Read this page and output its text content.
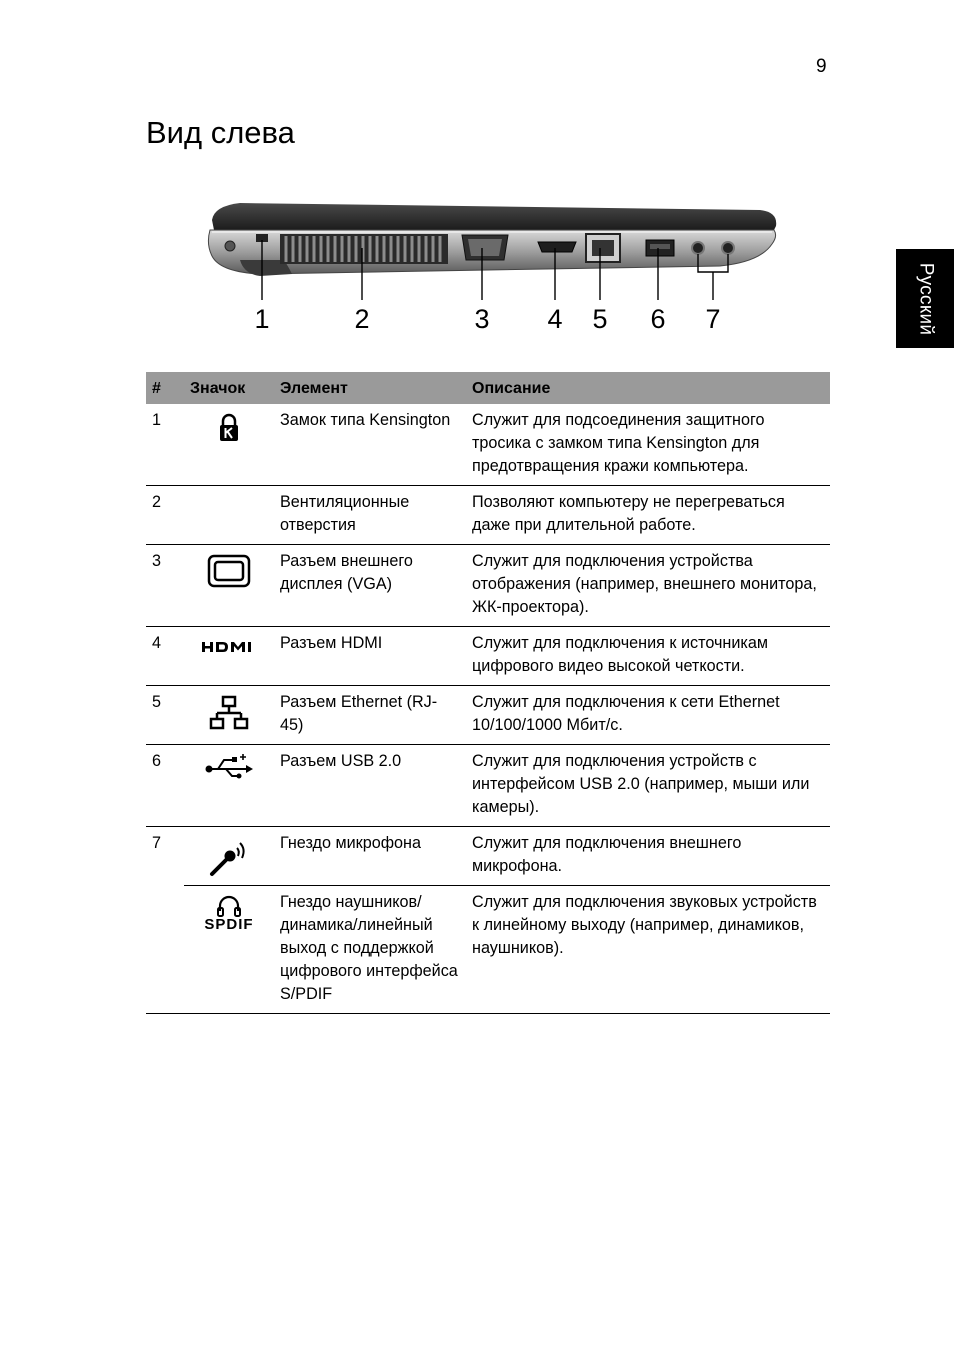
9
Вид слева
Русский
1	2	3 4 5 6 7
#	Значок	Элемент	Описание
1		Замок типа Kensington	Служит для подсоединения защитного тросика с замком типа Kensington для предотвращения кражи компьютера.
2		Вентиляционные отверстия	Позволяют компьютеру не перегреваться даже при длительной работе.
3		Разъем внешнего дисплея (VGA)	Служит для подключения устройства отображения (например, внешнего монитора, ЖК-проектора).
4		Разъем HDMI	Служит для подключения к источникам цифрового видео высокой четкости.
5		Разъем Ethernet (RJ-45)	Служит для подключения к сети Ethernet 10/100/1000 Мбит/с.
6		Разъем USB 2.0	Служит для подключения устройств с интерфейсом USB 2.0 (например, мыши или камеры).
7		Гнездо микрофона	Служит для подключения внешнего микрофона.

	SPDIF	Гнездо наушников/ динамика/линейный выход с поддержкой цифрового интерфейса S/PDIF	Служит для подключения звуковых устройств к линейному выходу (например, динамиков, наушников).
